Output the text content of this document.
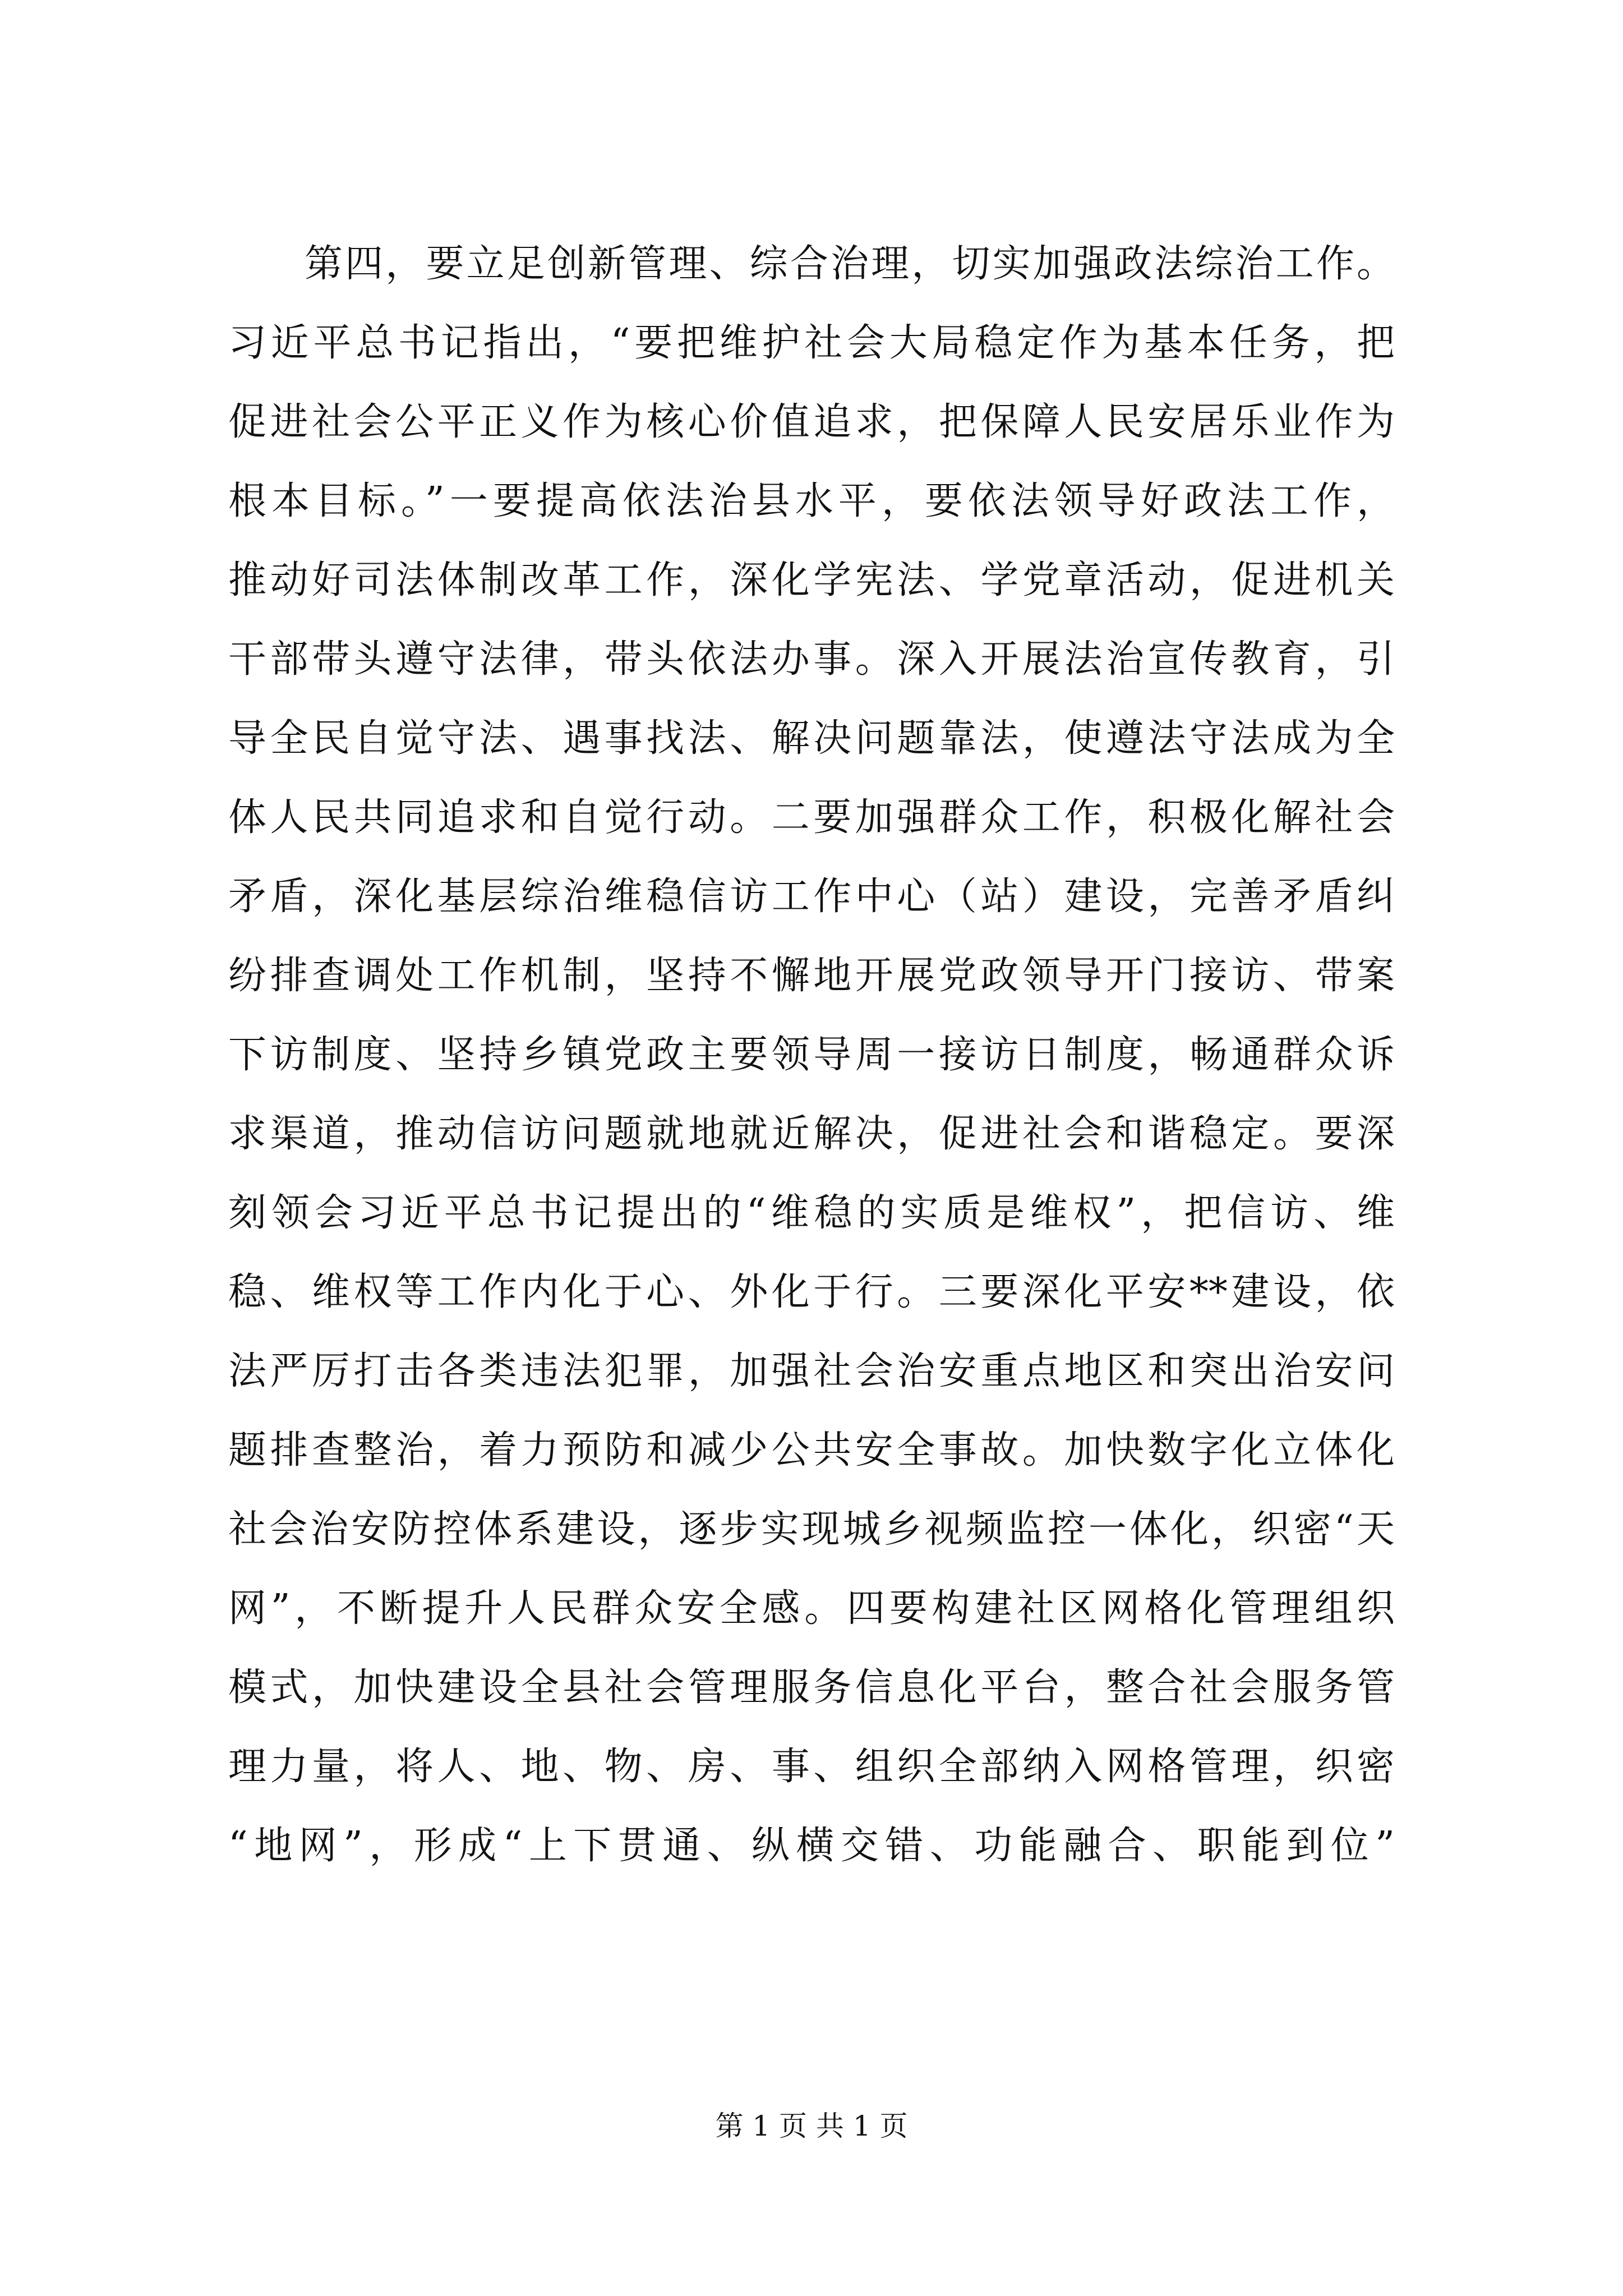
第四，要立足创新管理、综合治理，切实加强政法综治工作。
习近平总书记指出，“要把维护社会大局稳定作为基本任务，把
促进社会公平正义作为核心价值追求，把保障人民安居乐业作为
根本目标。”一要提高依法治县水平，要依法领导好政法工作，
推动好司法体制改革工作，深化学宪法、学党章活动，促进机关
干部带头遵守法律，带头依法办事。深入开展法治宣传教育，引
导全民自觉守法、遇事找法、解决问题靠法，使遵法守法成为全
体人民共同追求和自觉行动。二要加强群众工作，积极化解社会
矛盾，深化基层综治维稳信访工作中心（站）建设，完善矛盾纠
纷排查调处工作机制，坚持不懈地开展党政领导开门接访、带案
下访制度、坚持乡镇党政主要领导周一接访日制度，畅通群众诉
求渠道，推动信访问题就地就近解决，促进社会和谐稳定。要深
刻领会习近平总书记提出的“维稳的实质是维权”，把信访、维
稳、维权等工作内化于心、外化于行。三要深化平安**建设，依
法严厉打击各类违法犯罪，加强社会治安重点地区和突出治安问
题排查整治，着力预防和减少公共安全事故。加快数字化立体化
社会治安防控体系建设，逐步实现城乡视频监控一体化，织密“天
网”，不断提升人民群众安全感。四要构建社区网格化管理组织
模式，加快建设全县社会管理服务信息化平台，整合社会服务管
理力量，将人、地、物、房、事、组织全部纳入网格管理，织密
“地网”，形成“上下贯通、纵横交错、功能融合、职能到位”
第 1 页 共 1 页
